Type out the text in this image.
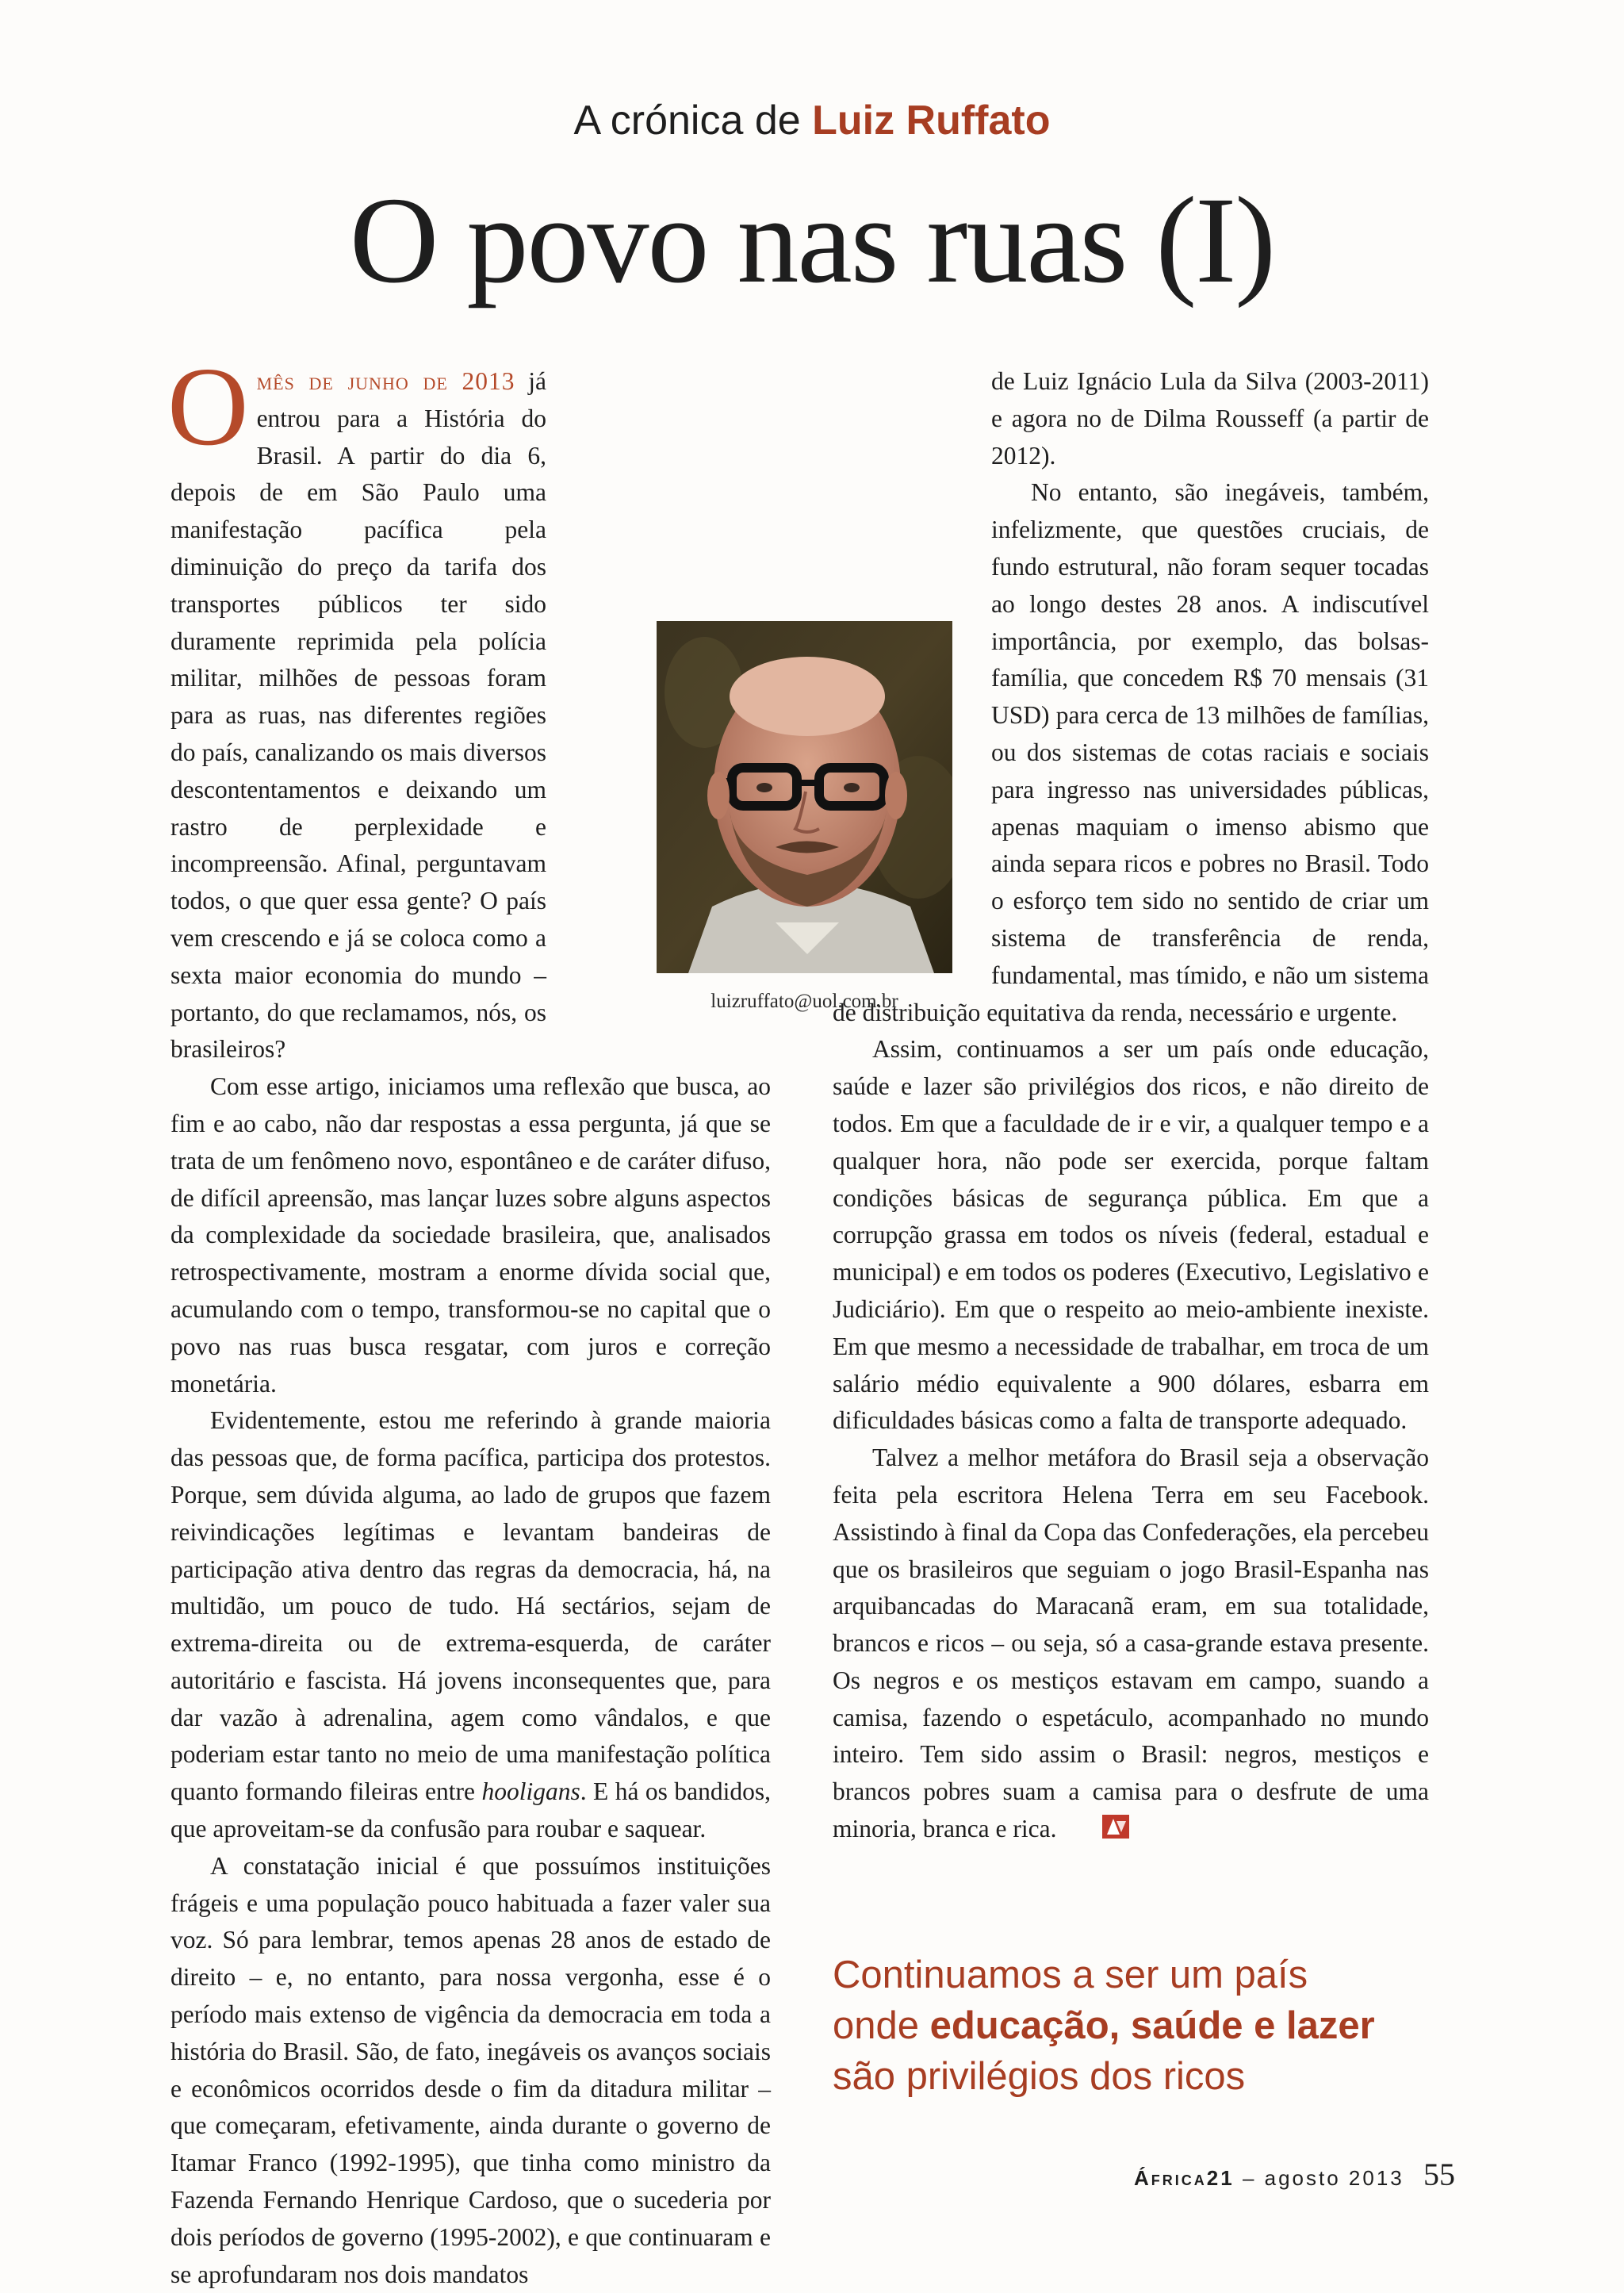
A crónica de Luiz Ruffato
O povo nas ruas (I)

Omês de junho de 2013 já entrou para a História do Brasil. A partir do dia 6, depois de em São Paulo uma manifestação pacífica pela diminuição do preço da tarifa dos transportes públicos ter sido duramente reprimida pela polícia militar, milhões de pessoas foram para as ruas, nas diferentes regiões do país, canalizando os mais diversos descontentamentos e deixando um rastro de perplexidade e incompreensão. Afinal, perguntavam todos, o que quer essa gente? O país vem crescendo e já se coloca como a sexta maior economia do mundo – portanto, do que reclamamos, nós, os brasileiros?

Com esse artigo, iniciamos uma reflexão que busca, ao fim e ao cabo, não dar respostas a essa pergunta, já que se trata de um fenômeno novo, espontâneo e de caráter difuso, de difícil apreensão, mas lançar luzes sobre alguns aspectos da complexidade da sociedade brasileira, que, analisados retrospectivamente, mostram a enorme dívida social que, acumulando com o tempo, transformou-se no capital que o povo nas ruas busca resgatar, com juros e correção monetária.

Evidentemente, estou me referindo à grande maioria das pessoas que, de forma pacífica, participa dos protestos. Porque, sem dúvida alguma, ao lado de grupos que fazem reivindicações legítimas e levantam bandeiras de participação ativa dentro das regras da democracia, há, na multidão, um pouco de tudo. Há sectários, sejam de extrema-direita ou de extrema-esquerda, de caráter autoritário e fascista. Há jovens inconsequentes que, para dar vazão à adrenalina, agem como vândalos, e que poderiam estar tanto no meio de uma manifestação política quanto formando fileiras entre hooligans. E há os bandidos, que aproveitam-se da confusão para roubar e saquear.

A constatação inicial é que possuímos instituições frágeis e uma população pouco habituada a fazer valer sua voz. Só para lembrar, temos apenas 28 anos de estado de direito – e, no entanto, para nossa vergonha, esse é o período mais extenso de vigência da democracia em toda a história do Brasil. São, de fato, inegáveis os avanços sociais e econômicos ocorridos desde o fim da ditadura militar – que começaram, efetivamente, ainda durante o governo de Itamar Franco (1992-1995), que tinha como ministro da Fazenda Fernando Henrique Cardoso, que o sucederia por dois períodos de governo (1995-2002), e que continuaram e se aprofundaram nos dois mandatos

de Luiz Ignácio Lula da Silva (2003-2011) e agora no de Dilma Rousseff (a partir de 2012).

No entanto, são inegáveis, também, infelizmente, que questões cruciais, de fundo estrutural, não foram sequer tocadas ao longo destes 28 anos. A indiscutível importância, por exemplo, das bolsas-família, que concedem R$ 70 mensais (31 USD) para cerca de 13 milhões de famílias, ou dos sistemas de cotas raciais e sociais para ingresso nas universidades públicas, apenas maquiam o imenso abismo que ainda separa ricos e pobres no Brasil. Todo o esforço tem sido no sentido de criar um sistema de transferência de renda, fundamental, mas tímido, e não um sistema de distribuição equitativa da renda, necessário e urgente.

Assim, continuamos a ser um país onde educação, saúde e lazer são privilégios dos ricos, e não direito de todos. Em que a faculdade de ir e vir, a qualquer tempo e a qualquer hora, não pode ser exercida, porque faltam condições básicas de segurança pública. Em que a corrupção grassa em todos os níveis (federal, estadual e municipal) e em todos os poderes (Executivo, Legislativo e Judiciário). Em que o respeito ao meio-ambiente inexiste. Em que mesmo a necessidade de trabalhar, em troca de um salário médio equivalente a 900 dólares, esbarra em dificuldades básicas como a falta de transporte adequado.

Talvez a melhor metáfora do Brasil seja a observação feita pela escritora Helena Terra em seu Facebook. Assistindo à final da Copa das Confederações, ela percebeu que os brasileiros que seguiam o jogo Brasil-Espanha nas arquibancadas do Maracanã eram, em sua totalidade, brancos e ricos – ou seja, só a casa-grande estava presente. Os negros e os mestiços estavam em campo, suando a camisa, fazendo o espetáculo, acompanhado no mundo inteiro. Tem sido assim o Brasil: negros, mestiços e brancos pobres suam a camisa para o desfrute de uma minoria, branca e rica.

luizruffato@uol.com.br
Continuamos a ser um país
onde educação, saúde e lazer
são privilégios dos ricos
África21 – agosto 2013 55
